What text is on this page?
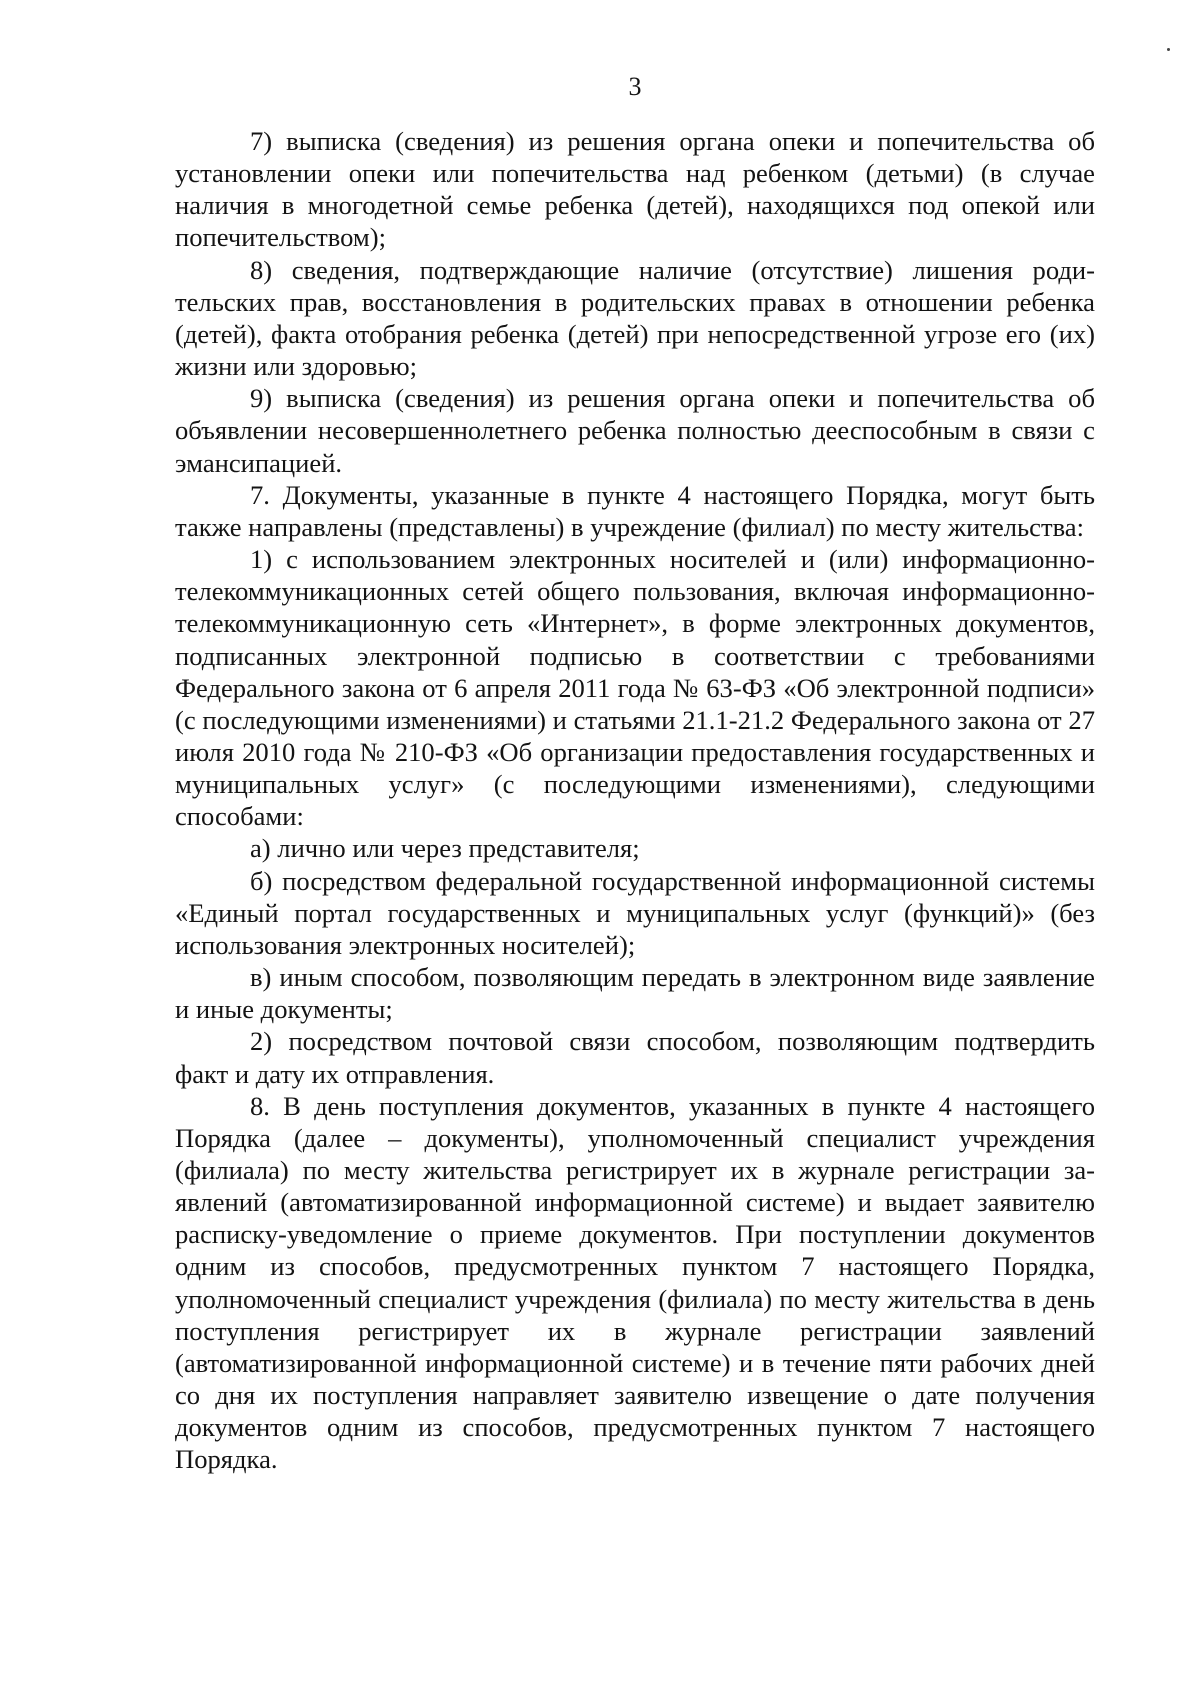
3

7) выписка (сведения) из решения органа опеки и попечительства об установлении опеки или попечительства над ребенком (детьми) (в случае наличия в многодетной семье ребенка (детей), находящихся под опекой или попечительством);

8) сведения, подтверждающие наличие (отсутствие) лишения родительских прав, восстановления в родительских правах в отношении ребенка (детей), факта отобрания ребенка (детей) при непосредственной угрозе его (их) жизни или здоровью;

9) выписка (сведения) из решения органа опеки и попечительства об объявлении несовершеннолетнего ребенка полностью дееспособным в связи с эмансипацией.

7. Документы, указанные в пункте 4 настоящего Порядка, могут быть также направлены (представлены) в учреждение (филиал) по месту жительства:

1) с использованием электронных носителей и (или) информационно-телекоммуникационных сетей общего пользования, включая информационно-телекоммуникационную сеть «Интернет», в форме электронных документов, подписанных электронной подписью в соответствии с требованиями Федерального закона от 6 апреля 2011 года № 63-ФЗ «Об электронной подписи» (с последующими изменениями) и статьями 21.1-21.2 Федерального закона от 27 июля 2010 года № 210-ФЗ «Об организации предоставления государственных и муниципальных услуг» (с последующими изменениями), следующими способами:

а) лично или через представителя;

б) посредством федеральной государственной информационной системы «Единый портал государственных и муниципальных услуг (функций)» (без использования электронных носителей);

в) иным способом, позволяющим передать в электронном виде заявление и иные документы;

2) посредством почтовой связи способом, позволяющим подтвердить факт и дату их отправления.

8. В день поступления документов, указанных в пункте 4 настоящего Порядка (далее – документы), уполномоченный специалист учреждения (филиала) по месту жительства регистрирует их в журнале регистрации заявлений (автоматизированной информационной системе) и выдает заявителю расписку-уведомление о приеме документов. При поступлении документов одним из способов, предусмотренных пунктом 7 настоящего Порядка, уполномоченный специалист учреждения (филиала) по месту жительства в день поступления регистрирует их в журнале регистрации заявлений (автоматизированной информационной системе) и в течение пяти рабочих дней со дня их поступления направляет заявителю извещение о дате получения документов одним из способов, предусмотренных пунктом 7 настоящего Порядка.
